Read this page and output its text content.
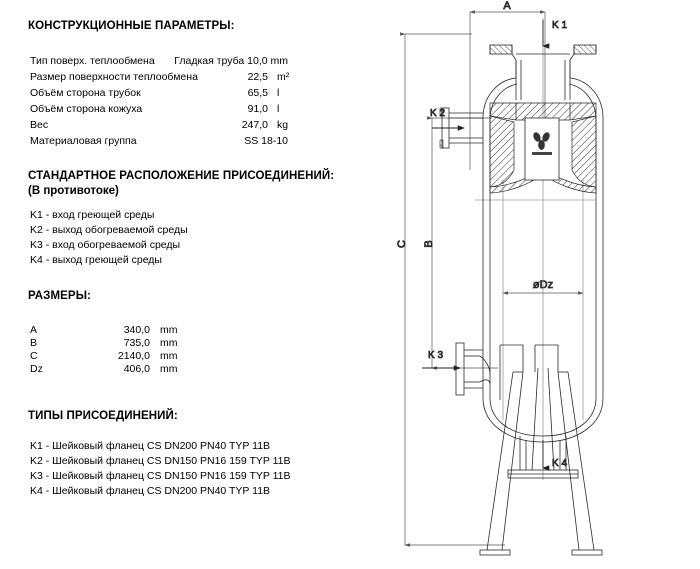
КОНСТРУКЦИОННЫЕ ПАРАМЕТРЫ:
Тип поверх. теплообмена	Гладкая труба 10,0 mm
Размер поверхности теплообмена	22,5 m²
Объём сторона трубок	65,5 l
Объём сторона кожуха	91,0 l
Вес	247,0 kg
Материаловая группа	SS 18-10
СТАНДАРТНОЕ РАСПОЛОЖЕНИЕ ПРИСОЕДИНЕНИЙ:
(В противотоке)
K1 - вход греющей среды
K2 - выход обогреваемой среды
K3 - вход обогреваемой среды
K4 - выход греющей среды
РАЗМЕРЫ:
A	340,0 mm
B	735,0 mm
C	2140,0 mm
Dz	406,0 mm
ТИПЫ ПРИСОЕДИНЕНИЙ:
K1 - Шейковый фланец CS DN200 PN40 TYP 11B
K2 - Шейковый фланец CS DN150 PN16 159 TYP 11B
K3 - Шейковый фланец CS DN150 PN16 159 TYP 11B
K4 - Шейковый фланец CS DN200 PN40 TYP 11B
A
C B
øDz
K 1
K 2
K 3
K 4
